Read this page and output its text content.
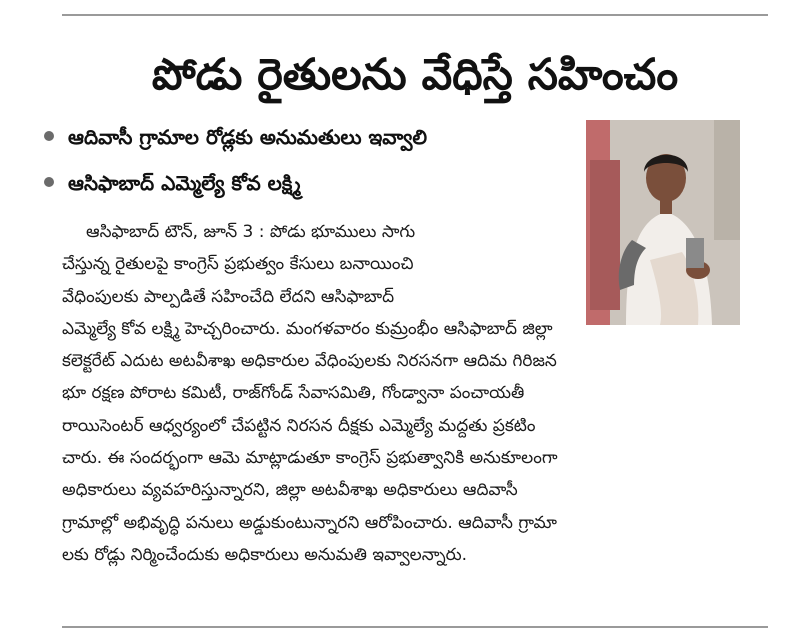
పోడు రైతులను వేధిస్తే సహించం
ఆదివాసీ గ్రామాల రోడ్లకు అనుమతులు ఇవ్వాలి
ఆసిఫాబాద్ ఎమ్మెల్యే కోవ లక్ష్మి
ఆసిఫాబాద్ టౌన్, జూన్ 3 : పోడు భూములు సాగు
చేస్తున్న రైతులపై కాంగ్రెస్ ప్రభుత్వం కేసులు బనాయించి
వేధింపులకు పాల్పడితే సహించేది లేదని ఆసిఫాబాద్
ఎమ్మెల్యే కోవ లక్ష్మి హెచ్చరించారు. మంగళవారం కుమ్రంభీం ఆసిఫాబాద్ జిల్లా
కలెక్టరేట్ ఎదుట అటవీశాఖ అధికారుల వేధింపులకు నిరసనగా ఆదిమ గిరిజన
భూ రక్షణ పోరాట కమిటీ, రాజ్‌గోండ్ సేవాసమితి, గోండ్వానా పంచాయతీ
రాయిసెంటర్ ఆధ్వర్యంలో చేపట్టిన నిరసన దీక్షకు ఎమ్మెల్యే మద్దతు ప్రకటిం
చారు. ఈ సందర్భంగా ఆమె మాట్లాడుతూ కాంగ్రెస్ ప్రభుత్వానికి అనుకూలంగా
అధికారులు వ్యవహరిస్తున్నారని, జిల్లా అటవీశాఖ అధికారులు ఆదివాసీ
గ్రామాల్లో అభివృద్ధి పనులు అడ్డుకుంటున్నారని ఆరోపించారు. ఆదివాసీ గ్రామా
లకు రోడ్లు నిర్మించేందుకు అధికారులు అనుమతి ఇవ్వాలన్నారు.
